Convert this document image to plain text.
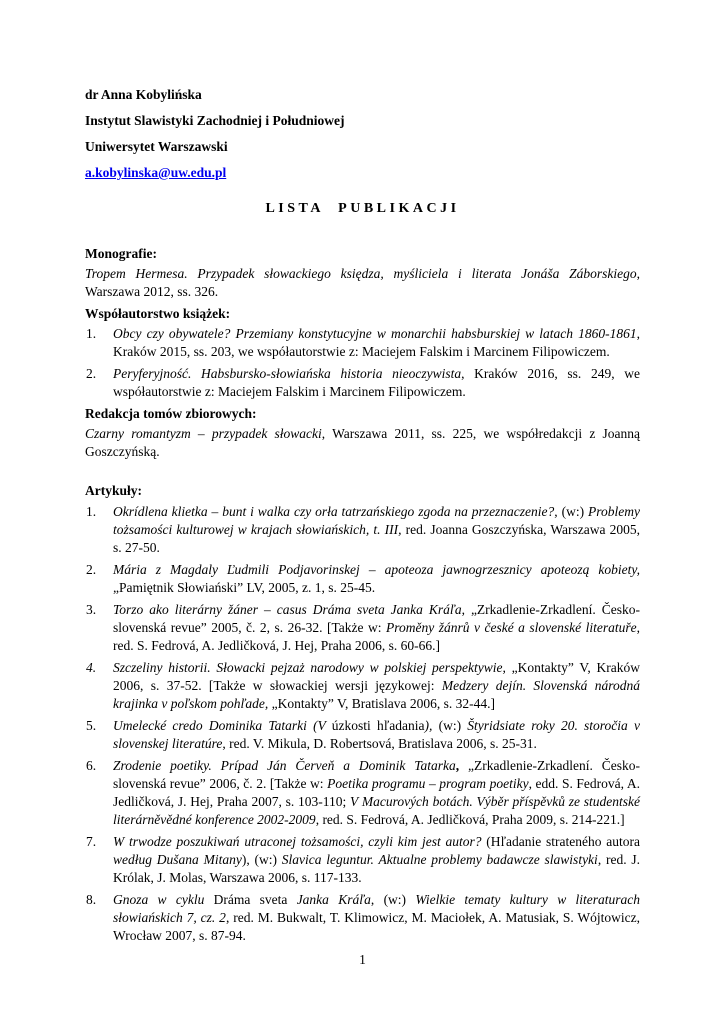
dr Anna Kobylińska
Instytut Slawistyki Zachodniej i Południowej
Uniwersytet Warszawski
a.kobylinska@uw.edu.pl
LISTA PUBLIKACJI
Monografie:

Tropem Hermesa. Przypadek słowackiego księdza, myśliciela i literata Jonáša Záborskiego, Warszawa 2012, ss. 326.

Współautorstwo książek:
1. Obcy czy obywatele? Przemiany konstytucyjne w monarchii habsburskiej w latach 1860-1861, Kraków 2015, ss. 203, we współautorstwie z: Maciejem Falskim i Marcinem Filipowiczem.
2. Peryferyjność. Habsbursko-słowiańska historia nieoczywista, Kraków 2016, ss. 249, we współautorstwie z: Maciejem Falskim i Marcinem Filipowiczem.
Redakcja tomów zbiorowych:

Czarny romantyzm – przypadek słowacki, Warszawa 2011, ss. 225, we współredakcji z Joanną Goszczyńską.

Artykuły:
1. Okrídlena klietka – bunt i walka czy orła tatrzańskiego zgoda na przeznaczenie?, (w:) Problemy tożsamości kulturowej w krajach słowiańskich, t. III, red. Joanna Goszczyńska, Warszawa 2005, s. 27-50.
2. Mária z Magdaly Ľudmili Podjavorinskej – apoteoza jawnogrzesznicy apoteozą kobiety, „Pamiętnik Słowiański” LV, 2005, z. 1, s. 25-45.
3. Torzo ako literárny žáner – casus Dráma sveta Janka Kráľa, „Zrkadlenie-Zrkadlení. Česko-slovenská revue” 2005, č. 2, s. 26-32. [Także w: Proměny žánrů v české a slovenské literatuře, red. S. Fedrová, A. Jedličková, J. Hej, Praha 2006, s. 60-66.]
4. Szczeliny historii. Słowacki pejzaż narodowy w polskiej perspektywie, „Kontakty” V, Kraków 2006, s. 37-52. [Także w słowackiej wersji językowej: Medzery dejín. Slovenská národná krajinka v poľskom pohľade, „Kontakty” V, Bratislava 2006, s. 32-44.]
5. Umelecké credo Dominika Tatarki (V úzkosti hľadania), (w:) Štyridsiate roky 20. storočia v slovenskej literatúre, red. V. Mikula, D. Robertsová, Bratislava 2006, s. 25-31.
6. Zrodenie poetiky. Prípad Ján Červeň a Dominik Tatarka, „Zrkadlenie-Zrkadlení. Česko-slovenská revue” 2006, č. 2. [Także w: Poetika programu – program poetiky, edd. S. Fedrová, A. Jedličková, J. Hej, Praha 2007, s. 103-110; V Macurových botách. Výběr příspěvků ze studentské literárněvědné konference 2002-2009, red. S. Fedrová, A. Jedličková, Praha 2009, s. 214-221.]
7. W trwodze poszukiwań utraconej tożsamości, czyli kim jest autor? (Hľadanie strateného autora według Dušana Mitany), (w:) Slavica leguntur. Aktualne problemy badawcze slawistyki, red. J. Królak, J. Molas, Warszawa 2006, s. 117-133.
8. Gnoza w cyklu Dráma sveta Janka Kráľa, (w:) Wielkie tematy kultury w literaturach słowiańskich 7, cz. 2, red. M. Bukwalt, T. Klimowicz, M. Maciołek, A. Matusiak, S. Wójtowicz, Wrocław 2007, s. 87-94.
1
